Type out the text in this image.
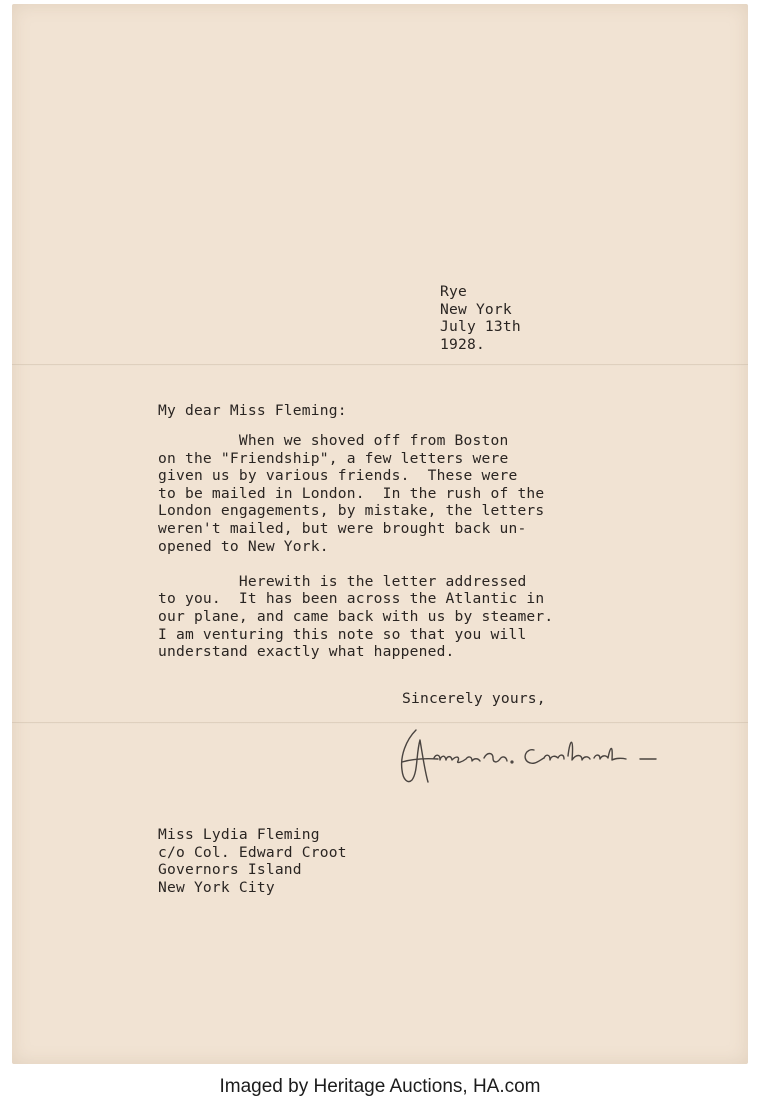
Rye
New York
July 13th
1928.
My dear Miss Fleming:
When we shoved off from Boston
on the "Friendship", a few letters were
given us by various friends.  These were
to be mailed in London.  In the rush of the
London engagements, by mistake, the letters
weren't mailed, but were brought back un-
opened to New York.

Herewith is the letter addressed
to you.  It has been across the Atlantic in
our plane, and came back with us by steamer.
I am venturing this note so that you will
understand exactly what happened.
Sincerely yours,
Miss Lydia Fleming
c/o Col. Edward Croot
Governors Island
New York City
Imaged by Heritage Auctions, HA.com
